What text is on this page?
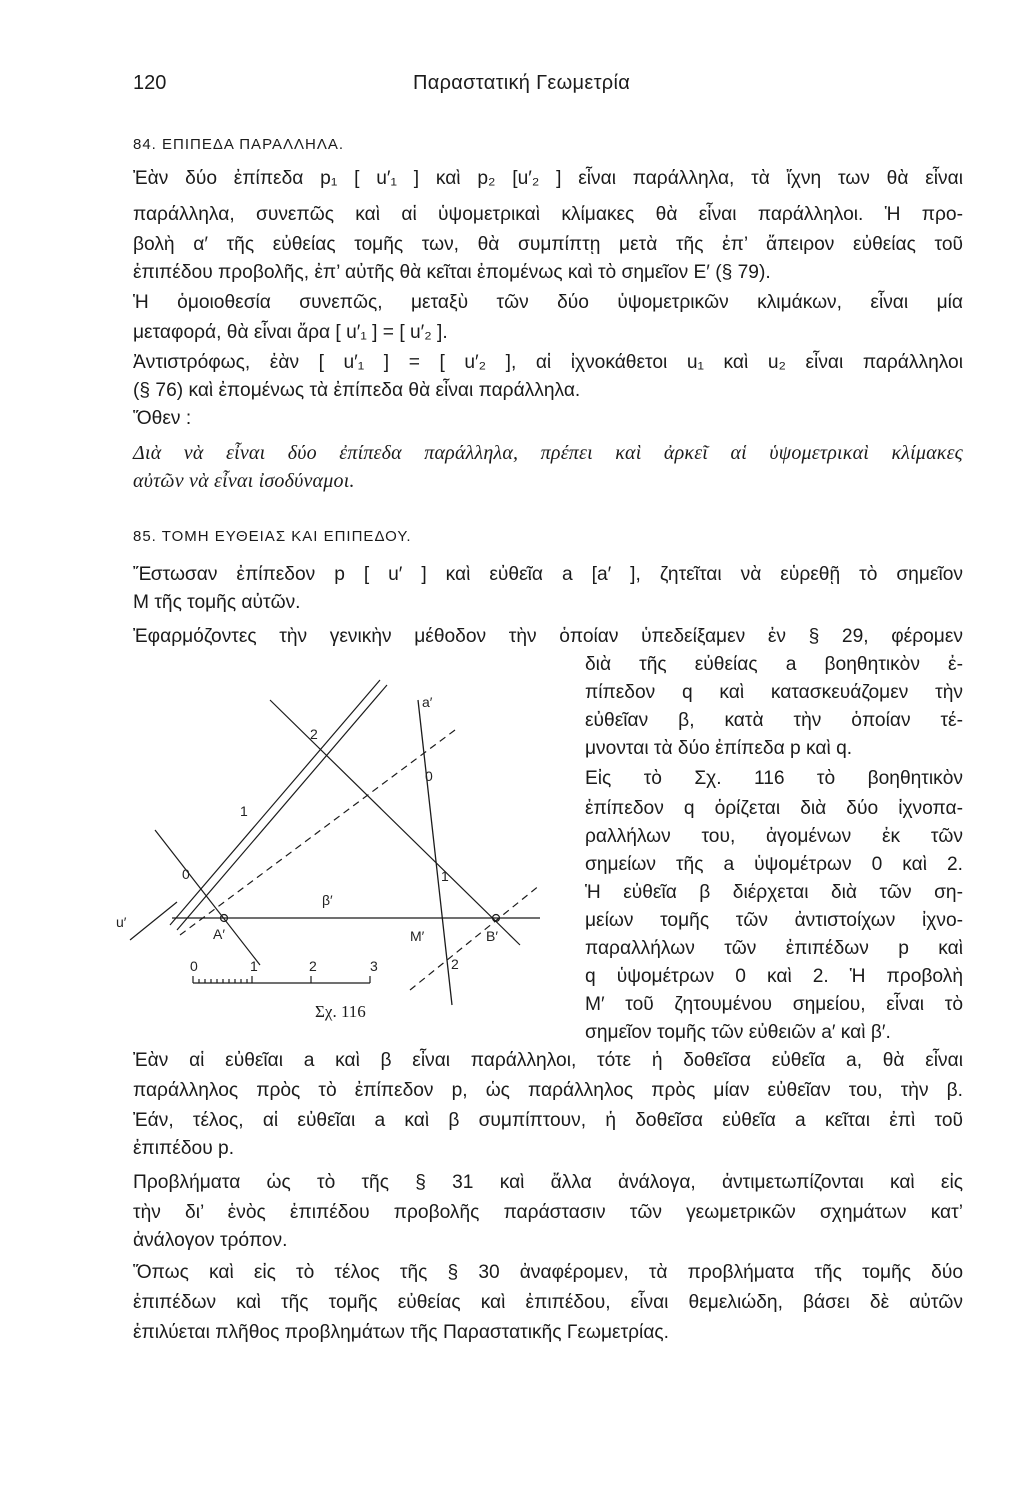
120	Παραστατική Γεωμετρία
84. ΕΠΙΠΕΔΑ ΠΑΡΑΛΛΗΛΑ.
Ἐὰν δύο ἐπίπεδα p₁ [ u′₁ ] καὶ p₂ [u′₂ ] εἶναι παράλληλα, τὰ ἴχνη των θὰ εἶναι
παράλληλα, συνεπῶς καὶ αἱ ὑψομετρικαὶ κλίμακες θὰ εἶναι παράλληλοι. Ἡ προ-
βολὴ α′ τῆς εὐθείας τομῆς των, θὰ συμπίπτῃ μετὰ τῆς ἐπ’ ἄπειρον εὐθείας τοῦ
ἐπιπέδου προβολῆς, ἐπ’ αὐτῆς θὰ κεῖται ἐπομένως καὶ τὸ σημεῖον E′ (§ 79).
Ἡ ὁμοιοθεσία συνεπῶς, μεταξὺ τῶν δύο ὑψομετρικῶν κλιμάκων, εἶναι μία
μεταφορά, θὰ εἶναι ἄρα [ u′₁ ] = [ u′₂ ].
Ἀντιστρόφως, ἐὰν [ u′₁ ] = [ u′₂ ], αἱ ἰχνοκάθετοι u₁ καὶ u₂ εἶναι παράλληλοι
(§ 76) καὶ ἐπομένως τὰ ἐπίπεδα θὰ εἶναι παράλληλα.
Ὅθεν :
Διὰ νὰ εἶναι δύο ἐπίπεδα παράλληλα, πρέπει καὶ ἀρκεῖ αἱ ὑψομετρικαὶ κλίμακες
αὐτῶν νὰ εἶναι ἰσοδύναμοι.
85. ΤΟΜΗ ΕΥΘΕΙΑΣ ΚΑΙ ΕΠΙΠΕΔΟΥ.
Ἔστωσαν ἐπίπεδον p [ u′ ] καὶ εὐθεῖα a [a′ ], ζητεῖται νὰ εὑρεθῇ τὸ σημεῖον
M τῆς τομῆς αὐτῶν.
Ἐφαρμόζοντες τὴν γενικὴν μέθοδον τὴν ὁποίαν ὑπεδείξαμεν ἐν § 29, φέρομεν
διὰ τῆς εὐθείας a βοηθητικὸν ἐ-
πίπεδον q καὶ κατασκευάζομεν τὴν
εὐθεῖαν β, κατὰ τὴν ὁποίαν τέ-
μνονται τὰ δύο ἐπίπεδα p καὶ q.
Εἰς τὸ Σχ. 116 τὸ βοηθητικὸν
ἐπίπεδον q ὁρίζεται διὰ δύο ἰχνοπα-
ραλλήλων του, ἀγομένων ἐκ τῶν
σημείων τῆς a ὑψομέτρων 0 καὶ 2.
Ἡ εὐθεῖα β διέρχεται διὰ τῶν ση-
μείων τομῆς τῶν ἀντιστοίχων ἰχνο-
παραλλήλων τῶν ἐπιπέδων p καὶ
q ὑψομέτρων 0 καὶ 2. Ἡ προβολὴ
M′ τοῦ ζητουμένου σημείου, εἶναι τὸ
σημεῖον τομῆς τῶν εὐθειῶν a′ καὶ β′.
a′
u′
β′
A′	B′
M′
0
1
2
0
1
2
0	1	2	3
Σχ. 116
Ἐὰν αἱ εὐθεῖαι a καὶ β εἶναι παράλληλοι, τότε ἡ δοθεῖσα εὐθεῖα a, θὰ εἶναι
παράλληλος πρὸς τὸ ἐπίπεδον p, ὡς παράλληλος πρὸς μίαν εὐθεῖαν του, τὴν β.
Ἐάν, τέλος, αἱ εὐθεῖαι a καὶ β συμπίπτουν, ἡ δοθεῖσα εὐθεῖα a κεῖται ἐπὶ τοῦ
ἐπιπέδου p.
Προβλήματα ὡς τὸ τῆς § 31 καὶ ἄλλα ἀνάλογα, ἀντιμετωπίζονται καὶ εἰς
τὴν δι’ ἑνὸς ἐπιπέδου προβολῆς παράστασιν τῶν γεωμετρικῶν σχημάτων κατ’
ἀνάλογον τρόπον.
Ὅπως καὶ εἰς τὸ τέλος τῆς § 30 ἀναφέρομεν, τὰ προβλήματα τῆς τομῆς δύο
ἐπιπέδων καὶ τῆς τομῆς εὐθείας καὶ ἐπιπέδου, εἶναι θεμελιώδη, βάσει δὲ αὐτῶν
ἐπιλύεται πλῆθος προβλημάτων τῆς Παραστατικῆς Γεωμετρίας.
